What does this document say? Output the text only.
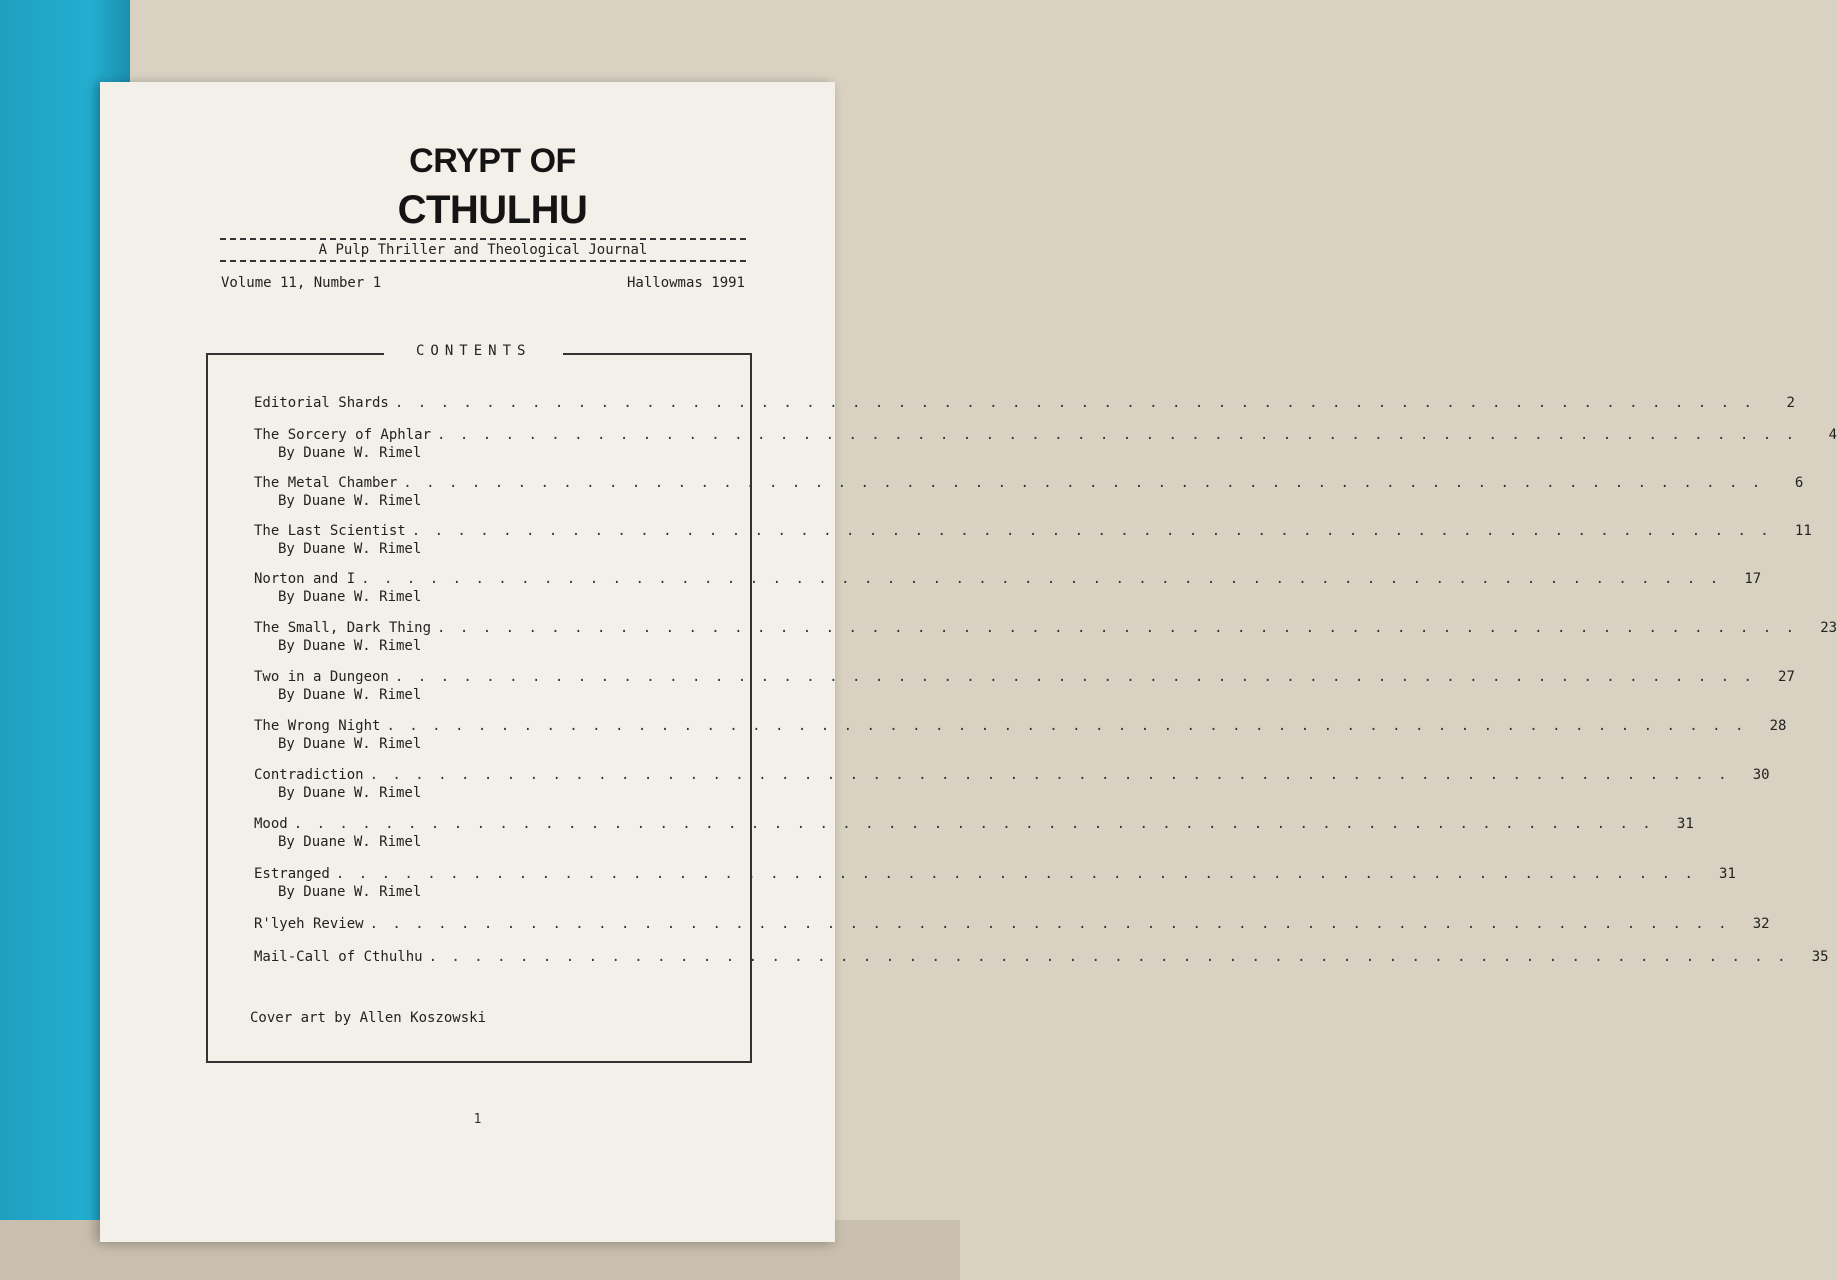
CRYPT OF
CTHULHU
A Pulp Thriller and Theological Journal
Volume 11, Number 1	Hallowmas 1991
CONTENTS
Editorial Shards . . . . . . . . . . . . . . . . . . . . . . . . . . . . . . . . . . . . . . . . . . . . . . . . . . . . . . . . . . . .	2
The Sorcery of Aphlar . . . . . . . . . . . . . . . . . . . . . . . . . . . . . . . . . . . . . . . . . . . . . . . . . . . . . . . . . . . .	4
By Duane W. Rimel
The Metal Chamber . . . . . . . . . . . . . . . . . . . . . . . . . . . . . . . . . . . . . . . . . . . . . . . . . . . . . . . . . . . .	6
By Duane W. Rimel
The Last Scientist . . . . . . . . . . . . . . . . . . . . . . . . . . . . . . . . . . . . . . . . . . . . . . . . . . . . . . . . . . . .	11
By Duane W. Rimel
Norton and I . . . . . . . . . . . . . . . . . . . . . . . . . . . . . . . . . . . . . . . . . . . . . . . . . . . . . . . . . . . .	17
By Duane W. Rimel
The Small, Dark Thing . . . . . . . . . . . . . . . . . . . . . . . . . . . . . . . . . . . . . . . . . . . . . . . . . . . . . . . . . . . .	23
By Duane W. Rimel
Two in a Dungeon . . . . . . . . . . . . . . . . . . . . . . . . . . . . . . . . . . . . . . . . . . . . . . . . . . . . . . . . . . . .	27
By Duane W. Rimel
The Wrong Night . . . . . . . . . . . . . . . . . . . . . . . . . . . . . . . . . . . . . . . . . . . . . . . . . . . . . . . . . . . .	28
By Duane W. Rimel
Contradiction . . . . . . . . . . . . . . . . . . . . . . . . . . . . . . . . . . . . . . . . . . . . . . . . . . . . . . . . . . . .	30
By Duane W. Rimel
Mood . . . . . . . . . . . . . . . . . . . . . . . . . . . . . . . . . . . . . . . . . . . . . . . . . . . . . . . . . . . .	31
By Duane W. Rimel
Estranged . . . . . . . . . . . . . . . . . . . . . . . . . . . . . . . . . . . . . . . . . . . . . . . . . . . . . . . . . . . .	31
By Duane W. Rimel
R'lyeh Review . . . . . . . . . . . . . . . . . . . . . . . . . . . . . . . . . . . . . . . . . . . . . . . . . . . . . . . . . . . .	32
Mail-Call of Cthulhu . . . . . . . . . . . . . . . . . . . . . . . . . . . . . . . . . . . . . . . . . . . . . . . . . . . . . . . . . . . .	35
Cover art by Allen Koszowski
1
